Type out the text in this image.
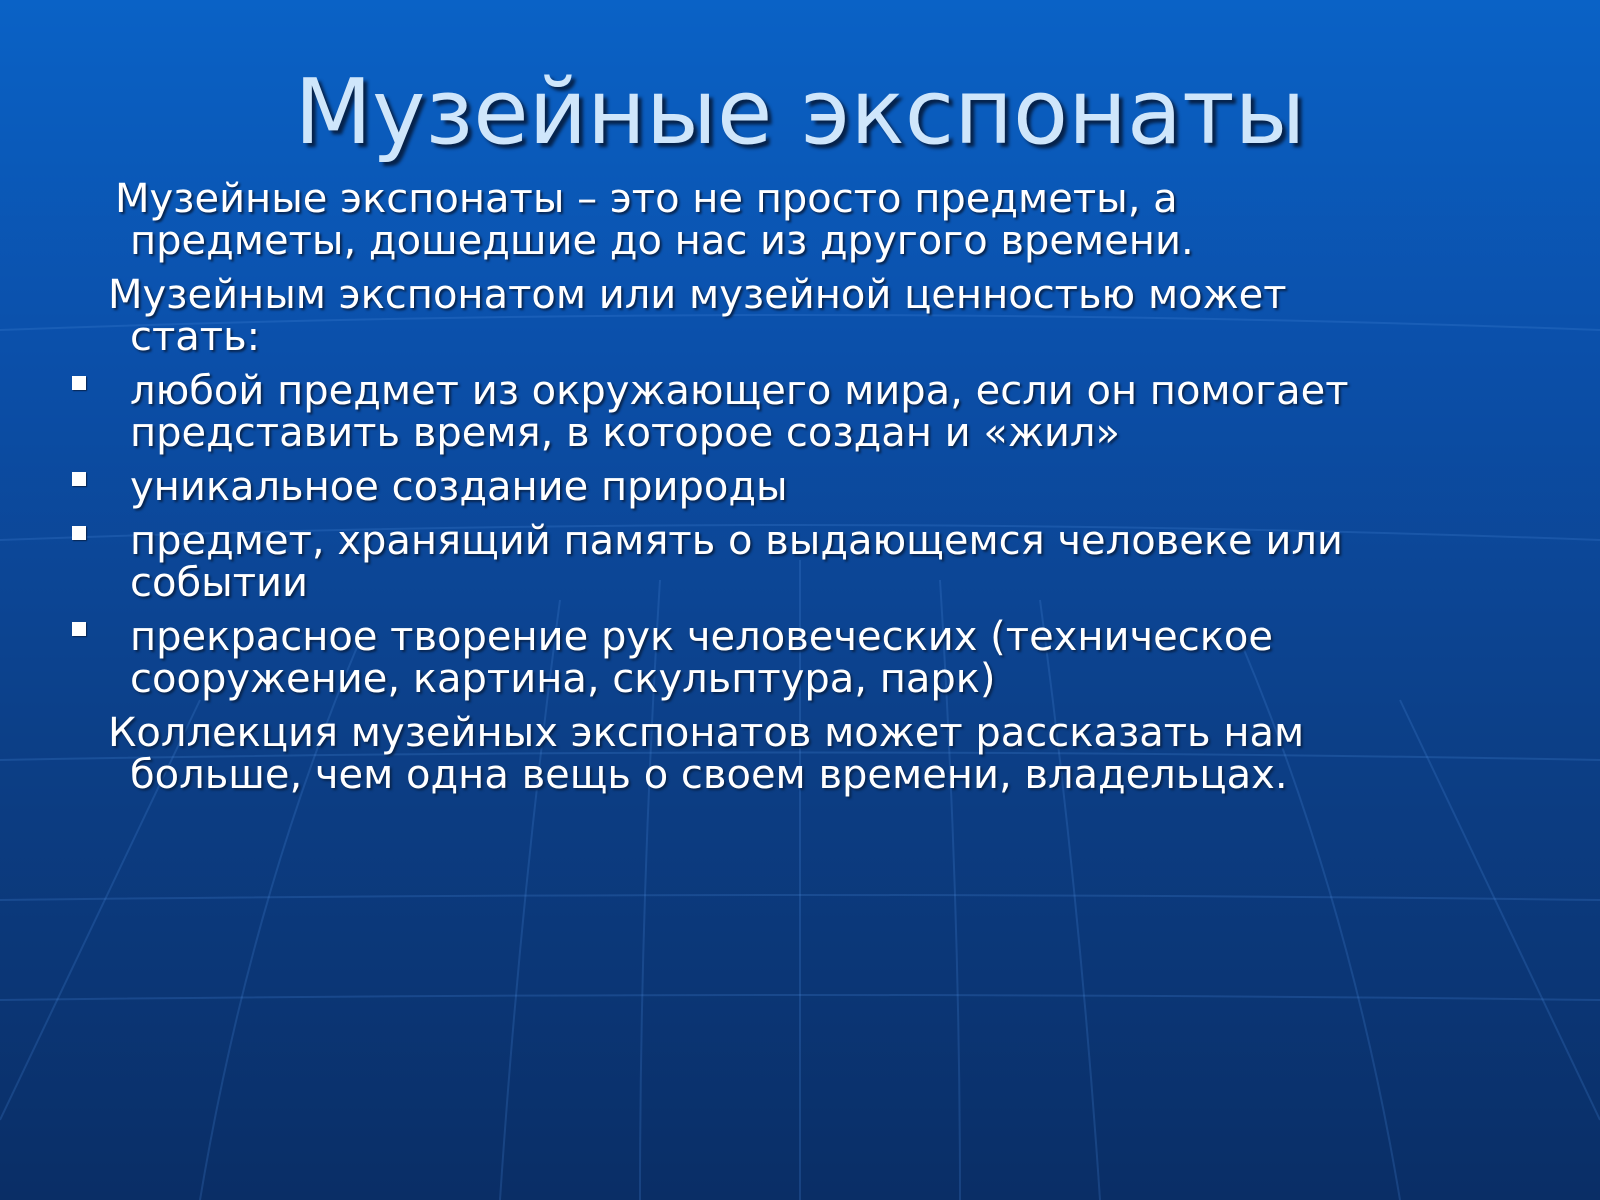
Музейные экспонаты

Музейные экспонаты – это не просто предметы, а
предметы, дошедшие до нас из другого времени.

Музейным экспонатом или музейной ценностью может
стать:

любой предмет из окружающего мира, если он помогает
представить время, в которое создан и «жил»
уникальное создание природы
предмет, хранящий память о выдающемся человеке или
событии
прекрасное творение рук человеческих (техническое
сооружение, картина, скульптура, парк)

Коллекция музейных экспонатов может рассказать нам
больше, чем одна вещь о своем времени, владельцах.
